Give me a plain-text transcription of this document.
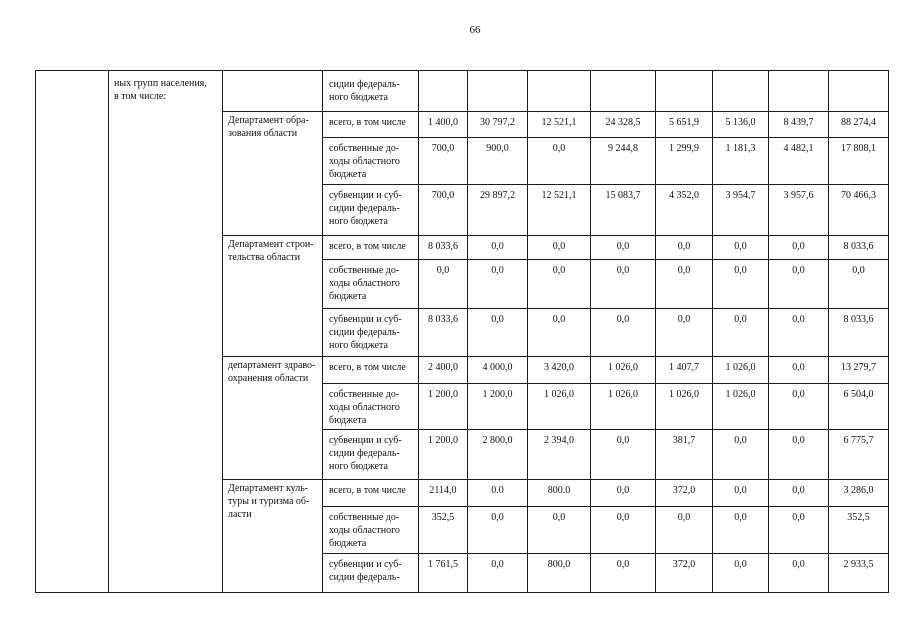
66
	ных групп населения,
в том числе:		сидии федераль-
ного бюджета								
		Департамент обра-
зования области	всего, в том числе	1 400,0	30 797,2	12 521,1	24 328,5	5 651,9	5 136,0	8 439,7	88 274,4
			собственные до-
ходы областного
бюджета	700,0	900,0	0,0	9 244,8	1 299,9	1 181,3	4 482,1	17 808,1
			субвенции и суб-
сидии федераль-
ного бюджета	700,0	29 897,2	12 521,1	15 083,7	4 352,0	3 954,7	3 957,6	70 466,3
		Департамент строи-
тельства области	всего, в том числе	8 033,6	0,0	0,0	0,0	0,0	0,0	0,0	8 033,6
			собственные до-
ходы областного
бюджета	0,0	0,0	0,0	0,0	0,0	0,0	0,0	0,0
			субвенции и суб-
сидии федераль-
ного бюджета	8 033,6	0,0	0,0	0,0	0,0	0,0	0,0	8 033,6
		департамент здраво-
охранения области	всего, в том числе	2 400,0	4 000,0	3 420,0	1 026,0	1 407,7	1 026,0	0,0	13 279,7
			собственные до-
ходы областного
бюджета	1 200,0	1 200,0	1 026,0	1 026,0	1 026,0	1 026,0	0,0	6 504,0
			субвенции и суб-
сидии федераль-
ного бюджета	1 200,0	2 800,0	2 394,0	0,0	381,7	0,0	0,0	6 775,7
		Департамент куль-
туры и туризма об-
ласти	всего, в том числе	2114,0	0.0	800.0	0,0	372,0	0,0	0,0	3 286,0
			собственные до-
ходы областного
бюджета	352,5	0,0	0,0	0,0	0,0	0,0	0,0	352,5
			субвенции и суб-
сидии федераль-	1 761,5	0,0	800,0	0,0	372,0	0,0	0,0	2 933,5
